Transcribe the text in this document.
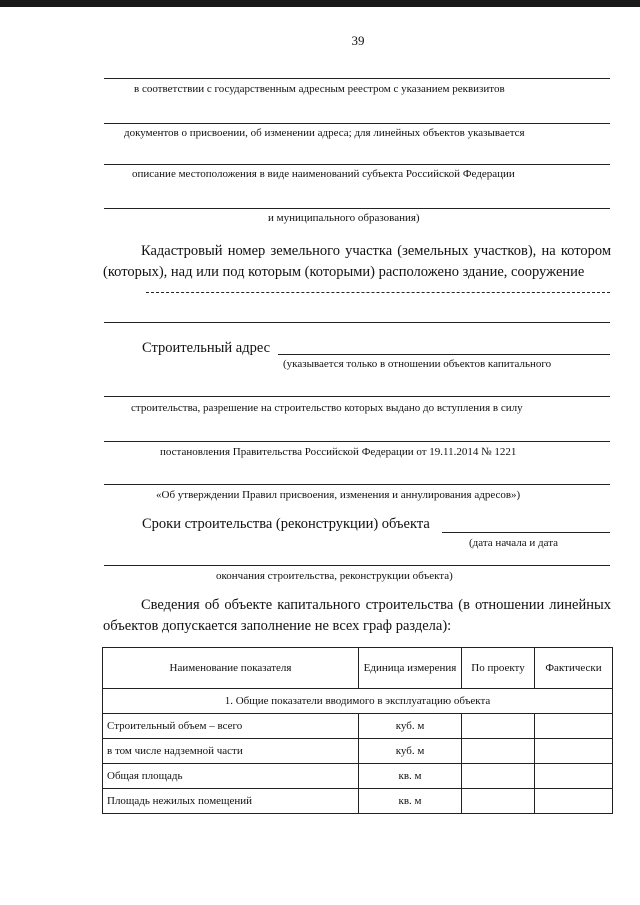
39
в соответствии с государственным адресным реестром с указанием реквизитов
документов о присвоении, об изменении адреса; для линейных объектов указывается
описание местоположения в виде наименований субъекта Российской Федерации
и муниципального образования)
Кадастровый номер земельного участка (земельных участков), на котором (которых), над или под которым (которыми) расположено здание, сооружение
Строительный адрес
(указывается только в отношении объектов капитального
строительства, разрешение на строительство которых выдано до вступления в силу
постановления Правительства Российской Федерации от 19.11.2014 № 1221
«Об утверждении Правил присвоения, изменения и аннулирования адресов»)
Сроки строительства (реконструкции) объекта
(дата начала и дата
окончания строительства, реконструкции объекта)
Сведения об объекте капитального строительства (в отношении линейных объектов допускается заполнение не всех граф раздела):
Наименование показателя	Единица измерения	По проекту	Фактически
1. Общие показатели вводимого в эксплуатацию объекта			
Строительный объем – всего	куб. м		
в том числе надземной части	куб. м		
Общая площадь	кв. м		
Площадь нежилых помещений	кв. м		
